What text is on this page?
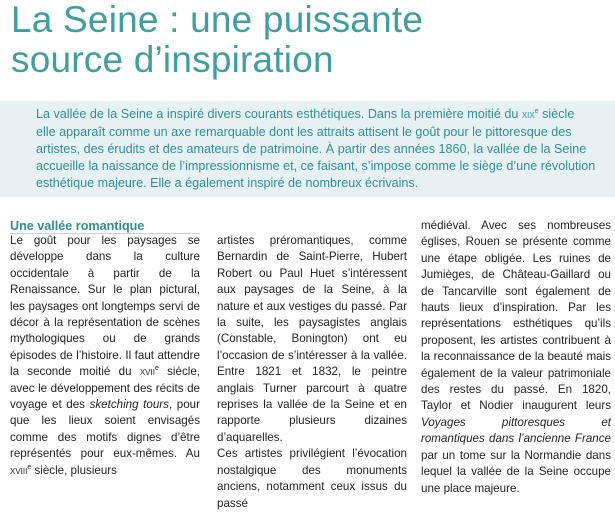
La Seine : une puissante
source d’inspiration

La vallée de la Seine a inspiré divers courants esthétiques. Dans la première moitié du xix$^e$ siècle elle apparaît comme un axe remarquable dont les attraits attisent le goût pour le pittoresque des artistes, des érudits et des amateurs de patrimoine. À partir des années 1860, la vallée de la Seine accueille la naissance de l’impressionnisme et, ce faisant, s’impose comme le siège d’une révolution esthétique majeure. Elle a également inspiré de nombreux écrivains.

Une vallée romantique

Le goût pour les paysages se développe dans la culture occidentale à partir de la Renaissance. Sur le plan pictural, les paysages ont longtemps servi de décor à la représentation de scènes mythologiques ou de grands épisodes de l’histoire. Il faut attendre la seconde moitié du xvii$^e$ siècle, avec le développement des récits de voyage et des sketching tours, pour que les lieux soient envisagés comme des motifs dignes d’être représentés pour eux-mêmes. Au xviii$^e$ siècle, plusieurs

artistes préromantiques, comme Bernardin de Saint-Pierre, Hubert Robert ou Paul Huet s’intéressent aux paysages de la Seine, à la nature et aux vestiges du passé. Par la suite, les paysagistes anglais (Constable, Bonington) ont eu l’occasion de s’intéresser à la vallée. Entre 1821 et 1832, le peintre anglais Turner parcourt à quatre reprises la vallée de la Seine et en rapporte plusieurs dizaines d’aquarelles.

Ces artistes privilégient l’évocation nostalgique des monuments anciens, notamment ceux issus du passé

médiéval. Avec ses nombreuses églises, Rouen se présente comme une étape obligée. Les ruines de Jumièges, de Château-Gaillard ou de Tancarville sont également de hauts lieux d’inspiration. Par les représentations esthétiques qu’ils proposent, les artistes contribuent à la reconnaissance de la beauté mais également de la valeur patrimoniale des restes du passé. En 1820, Taylor et Nodier inaugurent leurs Voyages pittoresques et romantiques dans l’ancienne France par un tome sur la Normandie dans lequel la vallée de la Seine occupe une place majeure.
